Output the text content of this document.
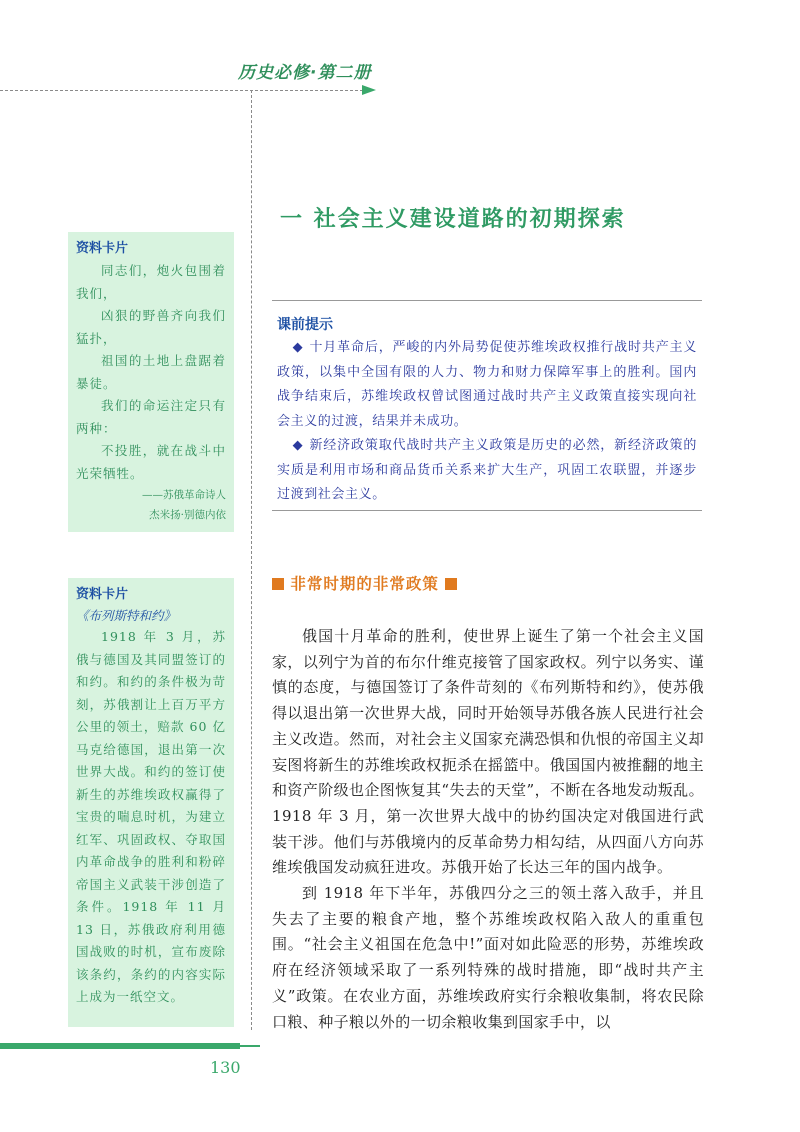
历史必修·第二册
资料卡片

同志们，炮火包围着我们，

凶狠的野兽齐向我们猛扑，

祖国的土地上盘踞着暴徒。

我们的命运注定只有两种：

不投胜，就在战斗中光荣牺牲。

——苏俄革命诗人

杰米扬·别德内依

资料卡片
《布列斯特和约》

1918 年 3 月，苏俄与德国及其同盟签订的和约。和约的条件极为苛刻，苏俄割让上百万平方公里的领土，赔款 60 亿马克给德国，退出第一次世界大战。和约的签订使新生的苏维埃政权赢得了宝贵的喘息时机，为建立红军、巩固政权、夺取国内革命战争的胜利和粉碎帝国主义武装干涉创造了条件。1918 年 11 月 13 日，苏俄政府利用德国战败的时机，宣布废除该条约，条约的内容实际上成为一纸空文。

一 社会主义建设道路的初期探索
课前提示

◆ 十月革命后，严峻的内外局势促使苏维埃政权推行战时共产主义政策，以集中全国有限的人力、物力和财力保障军事上的胜利。国内战争结束后，苏维埃政权曾试图通过战时共产主义政策直接实现向社会主义的过渡，结果并未成功。

◆ 新经济政策取代战时共产主义政策是历史的必然，新经济政策的实质是利用市场和商品货币关系来扩大生产，巩固工农联盟，并逐步过渡到社会主义。

非常时期的非常政策

俄国十月革命的胜利，使世界上诞生了第一个社会主义国家，以列宁为首的布尔什维克接管了国家政权。列宁以务实、谨慎的态度，与德国签订了条件苛刻的《布列斯特和约》，使苏俄得以退出第一次世界大战，同时开始领导苏俄各族人民进行社会主义改造。然而，对社会主义国家充满恐惧和仇恨的帝国主义却妄图将新生的苏维埃政权扼杀在摇篮中。俄国国内被推翻的地主和资产阶级也企图恢复其“失去的天堂”，不断在各地发动叛乱。1918 年 3 月，第一次世界大战中的协约国决定对俄国进行武装干涉。他们与苏俄境内的反革命势力相勾结，从四面八方向苏维埃俄国发动疯狂进攻。苏俄开始了长达三年的国内战争。

到 1918 年下半年，苏俄四分之三的领土落入敌手，并且失去了主要的粮食产地，整个苏维埃政权陷入敌人的重重包围。“社会主义祖国在危急中!”面对如此险恶的形势，苏维埃政府在经济领域采取了一系列特殊的战时措施，即“战时共产主义”政策。在农业方面，苏维埃政府实行余粮收集制，将农民除口粮、种子粮以外的一切余粮收集到国家手中，以

130
